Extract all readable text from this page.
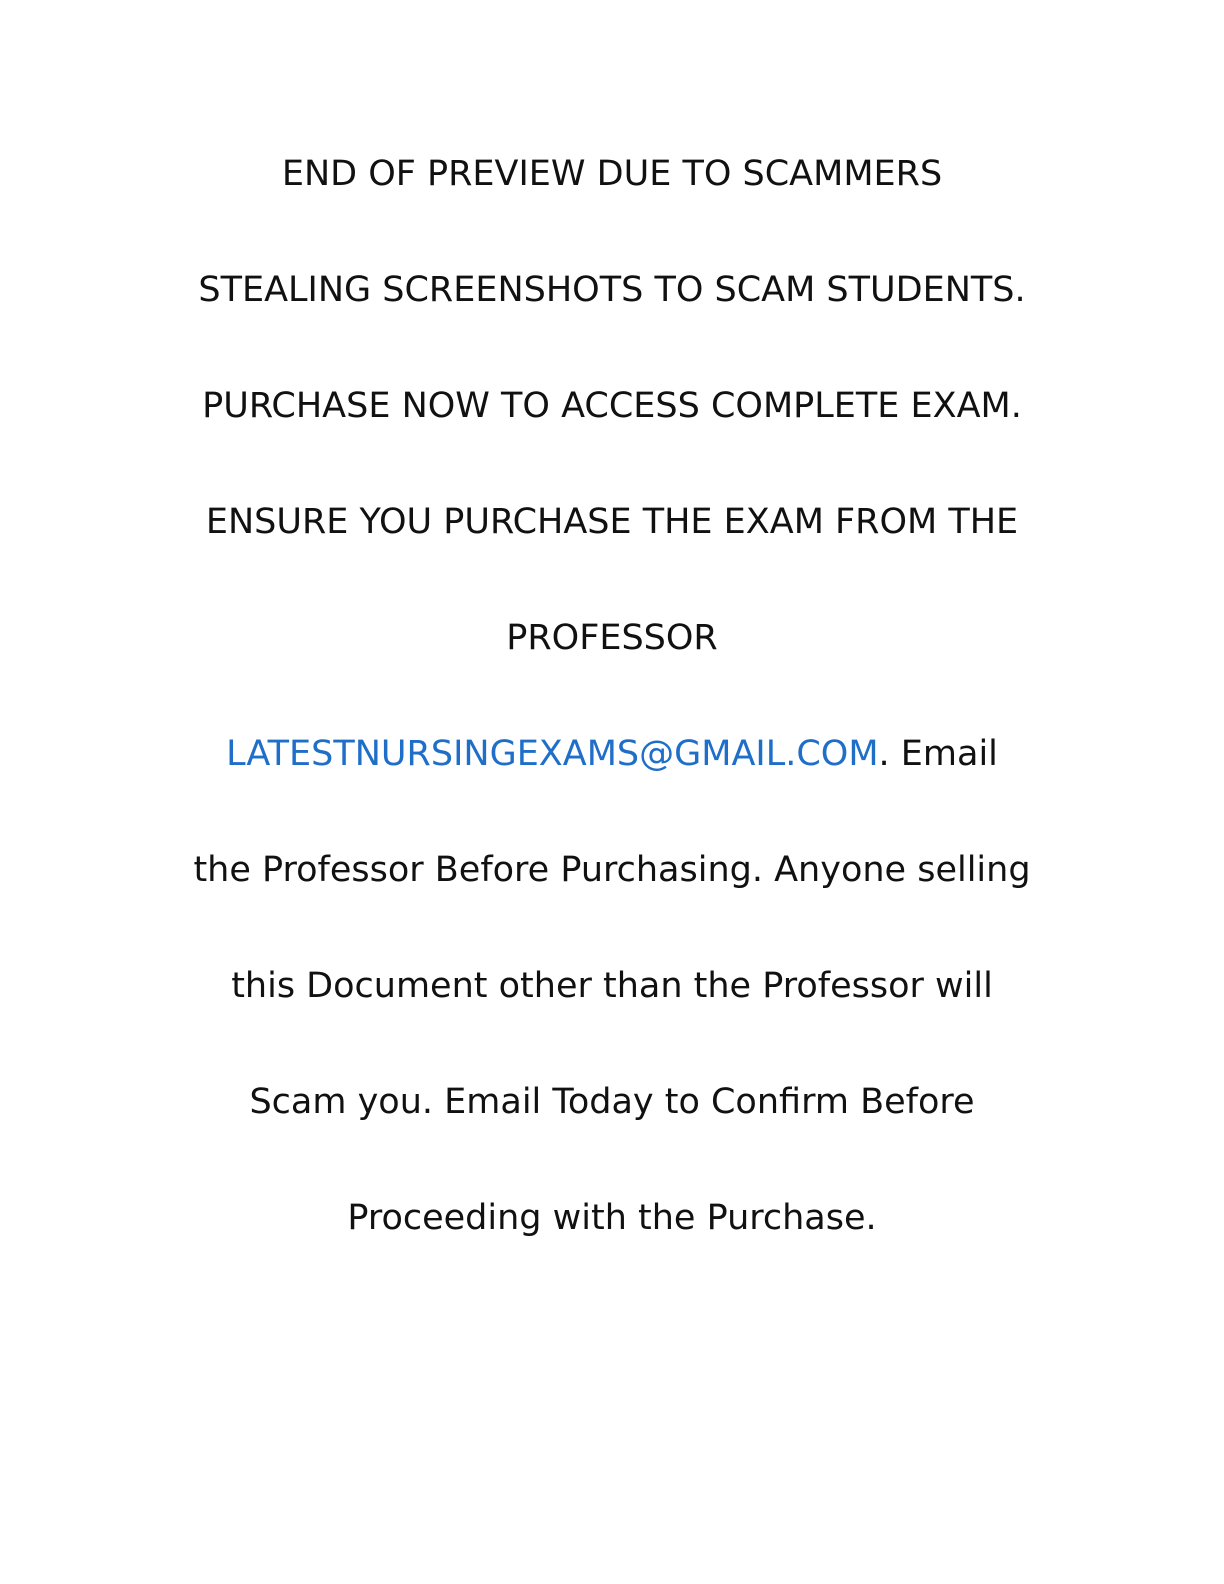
END OF PREVIEW DUE TO SCAMMERS
STEALING SCREENSHOTS TO SCAM STUDENTS.
PURCHASE NOW TO ACCESS COMPLETE EXAM.
ENSURE YOU PURCHASE THE EXAM FROM THE
PROFESSOR
LATESTNURSINGEXAMS@GMAIL.COM. Email
the Professor Before Purchasing. Anyone selling
this Document other than the Professor will
Scam you. Email Today to Confirm Before
Proceeding with the Purchase.
